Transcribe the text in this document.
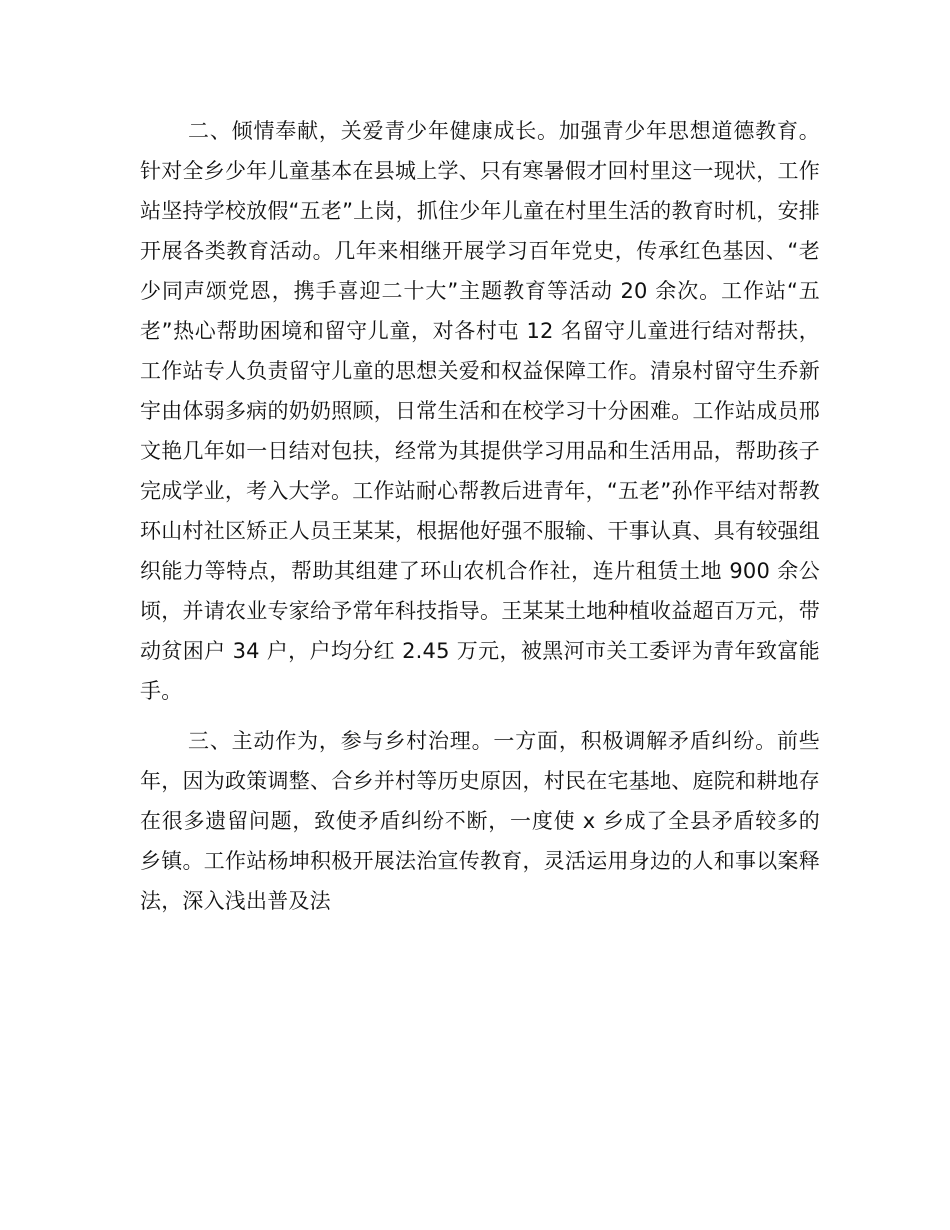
二、倾情奉献，关爱青少年健康成长。加强青少年思想道德教育。针对全乡少年儿童基本在县城上学、只有寒暑假才回村里这一现状，工作站坚持学校放假“五老”上岗，抓住少年儿童在村里生活的教育时机，安排开展各类教育活动。几年来相继开展学习百年党史，传承红色基因、“老少同声颂党恩，携手喜迎二十大”主题教育等活动 20 余次。工作站“五老”热心帮助困境和留守儿童，对各村屯 12 名留守儿童进行结对帮扶，工作站专人负责留守儿童的思想关爱和权益保障工作。清泉村留守生乔新宇由体弱多病的奶奶照顾，日常生活和在校学习十分困难。工作站成员邢文艳几年如一日结对包扶，经常为其提供学习用品和生活用品，帮助孩子完成学业，考入大学。工作站耐心帮教后进青年，“五老”孙作平结对帮教环山村社区矫正人员王某某，根据他好强不服输、干事认真、具有较强组织能力等特点，帮助其组建了环山农机合作社，连片租赁土地 900 余公顷，并请农业专家给予常年科技指导。王某某土地种植收益超百万元，带动贫困户 34 户，户均分红 2.45 万元，被黑河市关工委评为青年致富能手。

三、主动作为，参与乡村治理。一方面，积极调解矛盾纠纷。前些年，因为政策调整、合乡并村等历史原因，村民在宅基地、庭院和耕地存在很多遗留问题，致使矛盾纠纷不断，一度使 x 乡成了全县矛盾较多的乡镇。工作站杨坤积极开展法治宣传教育，灵活运用身边的人和事以案释法，深入浅出普及法
